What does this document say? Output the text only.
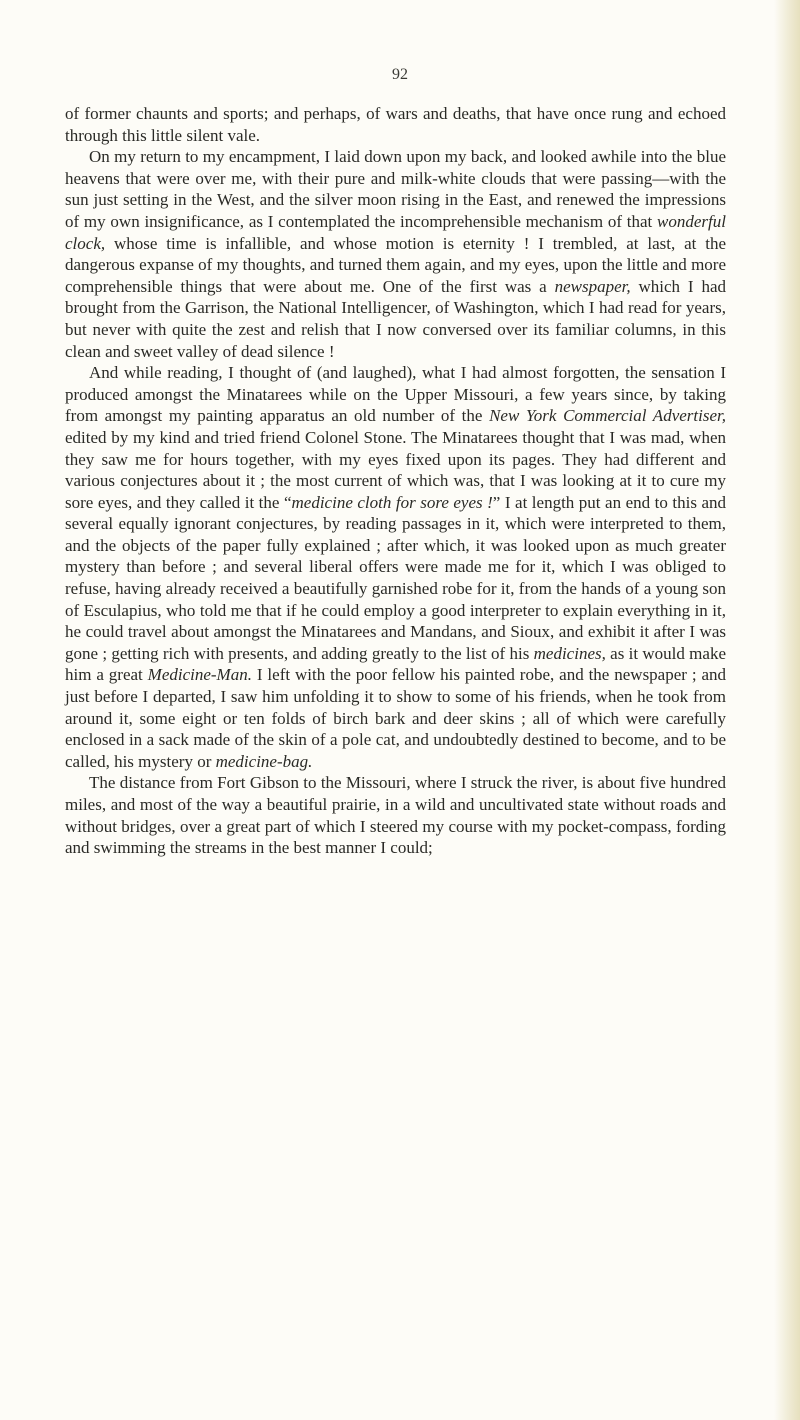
92

of former chaunts and sports; and perhaps, of wars and deaths, that have once rung and echoed through this little silent vale.

On my return to my encampment, I laid down upon my back, and looked awhile into the blue heavens that were over me, with their pure and milk-white clouds that were passing—with the sun just setting in the West, and the silver moon rising in the East, and renewed the impressions of my own insignificance, as I contemplated the incomprehensible mechanism of that wonderful clock, whose time is infallible, and whose motion is eternity ! I trembled, at last, at the dangerous expanse of my thoughts, and turned them again, and my eyes, upon the little and more comprehensible things that were about me. One of the first was a newspaper, which I had brought from the Garrison, the National Intelligencer, of Washington, which I had read for years, but never with quite the zest and relish that I now conversed over its familiar columns, in this clean and sweet valley of dead silence !

And while reading, I thought of (and laughed), what I had almost forgotten, the sensation I produced amongst the Minatarees while on the Upper Missouri, a few years since, by taking from amongst my painting apparatus an old number of the New York Commercial Advertiser, edited by my kind and tried friend Colonel Stone. The Minatarees thought that I was mad, when they saw me for hours together, with my eyes fixed upon its pages. They had different and various conjectures about it ; the most current of which was, that I was looking at it to cure my sore eyes, and they called it the “medicine cloth for sore eyes !” I at length put an end to this and several equally ignorant conjectures, by reading passages in it, which were interpreted to them, and the objects of the paper fully explained ; after which, it was looked upon as much greater mystery than before ; and several liberal offers were made me for it, which I was obliged to refuse, having already received a beautifully garnished robe for it, from the hands of a young son of Esculapius, who told me that if he could employ a good interpreter to explain everything in it, he could travel about amongst the Minatarees and Mandans, and Sioux, and exhibit it after I was gone ; getting rich with presents, and adding greatly to the list of his medicines, as it would make him a great Medicine-Man. I left with the poor fellow his painted robe, and the newspaper ; and just before I departed, I saw him unfolding it to show to some of his friends, when he took from around it, some eight or ten folds of birch bark and deer skins ; all of which were carefully enclosed in a sack made of the skin of a pole cat, and undoubtedly destined to become, and to be called, his mystery or medicine-bag.

The distance from Fort Gibson to the Missouri, where I struck the river, is about five hundred miles, and most of the way a beautiful prairie, in a wild and uncultivated state without roads and without bridges, over a great part of which I steered my course with my pocket-compass, fording and swimming the streams in the best manner I could;
